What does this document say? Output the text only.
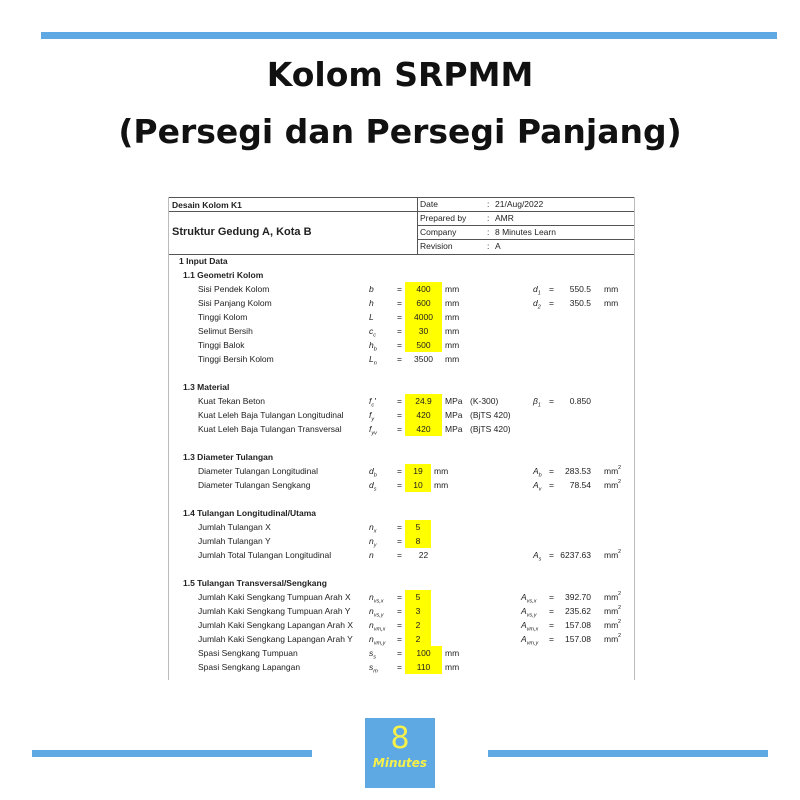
Kolom SRPMM
(Persegi dan Persegi Panjang)
Desain Kolom K1
Struktur Gedung A, Kota B
Date	: 21/Aug/2022
Prepared by : AMR
Company	: 8 Minutes Learn
Revision	: A
1 Input Data
1.1 Geometri Kolom
Sisi Pendek Kolom	b	=	400	mm	$d_1$ =	550.5 mm
Sisi Panjang Kolom	h	=	600	mm	$d_2$ =	350.5 mm
Tinggi Kolom	L	=	4000	mm
Selimut Bersih	$c_c$ =	30	mm
Tinggi Balok	$h_b$ =	500	mm
Tinggi Bersih Kolom	$L_n$ =	3500	mm
1.3 Material
Kuat Tekan Beton	$f_c'$	=	24.9	MPa (K-300)	$\beta_1$ =	0.850
Kuat Leleh Baja Tulangan Longitudinal	$f_y$	=	420	MPa (BjTS 420)
Kuat Leleh Baja Tulangan Transversal	$f_{yv}$ =	420	MPa (BjTS 420)
1.3 Diameter Tulangan
Diameter Tulangan Longitudinal	$d_b$ =	19	mm	$A_b$ =	283.53 mm 2
Diameter Tulangan Sengkang	$d_s$ =	10	mm	$A_v$ =	78.54 mm 2
1.4 Tulangan Longitudinal/Utama
Jumlah Tulangan X	$n_x$ =	5
Jumlah Tulangan Y	$n_y$ =	8
Jumlah Total Tulangan Longitudinal	n	=	22	$A_s = 6237.63$ mm 2
1.5 Tulangan Transversal/Sengkang
Jumlah Kaki Sengkang Tumpuan Arah X $n_{vs,x}$ =	5	$A_{vs,x}$ =	392.70 mm 2
Jumlah Kaki Sengkang Tumpuan Arah Y $n_{vs,y}$ =	3	$A_{vs,y}$ =	235.62 mm 2
Jumlah Kaki Sengkang Lapangan Arah X $n_{vm,x}$ =	2	$A_{vm,x}$ =	157.08 mm 2
Jumlah Kaki Sengkang Lapangan Arah Y $n_{vm,y}$ =	2	$A_{vm,y}$ =	157.08 mm 2
Spasi Sengkang Tumpuan	$s_s$ =	100	mm
Spasi Sengkang Lapangan	$s_m$ =	110	mm
8
Minutes
